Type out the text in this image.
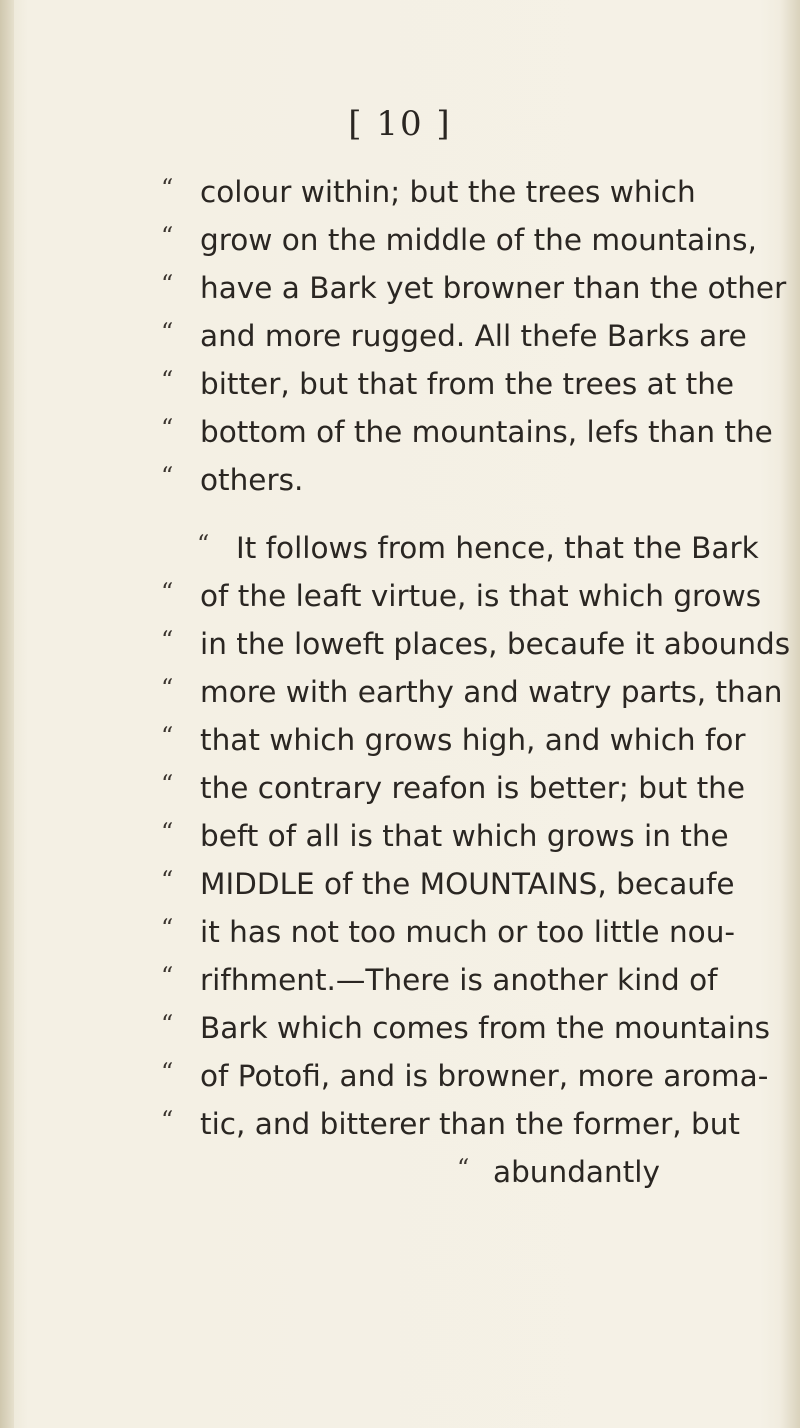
[ 10 ]
“ colour within; but the trees which
“ grow on the middle of the mountains,
“ have a Bark yet browner than the other
“ and more rugged. All thefe Barks are
“ bitter, but that from the trees at the
“ bottom of the mountains, lefs than the
“ others.
“ It follows from hence, that the Bark
“ of the leaft virtue, is that which grows
“ in the loweft places, becaufe it abounds
“ more with earthy and watry parts, than
“ that which grows high, and which for
“ the contrary reafon is better; but the
“ beft of all is that which grows in the
“ MIDDLE of the MOUNTAINS, becaufe
“ it has not too much or too little nou-
“ rifhment.—There is another kind of
“ Bark which comes from the mountains
“ of Potofi, and is browner, more aroma-
“ tic, and bitterer than the former, but
“ abundantly
